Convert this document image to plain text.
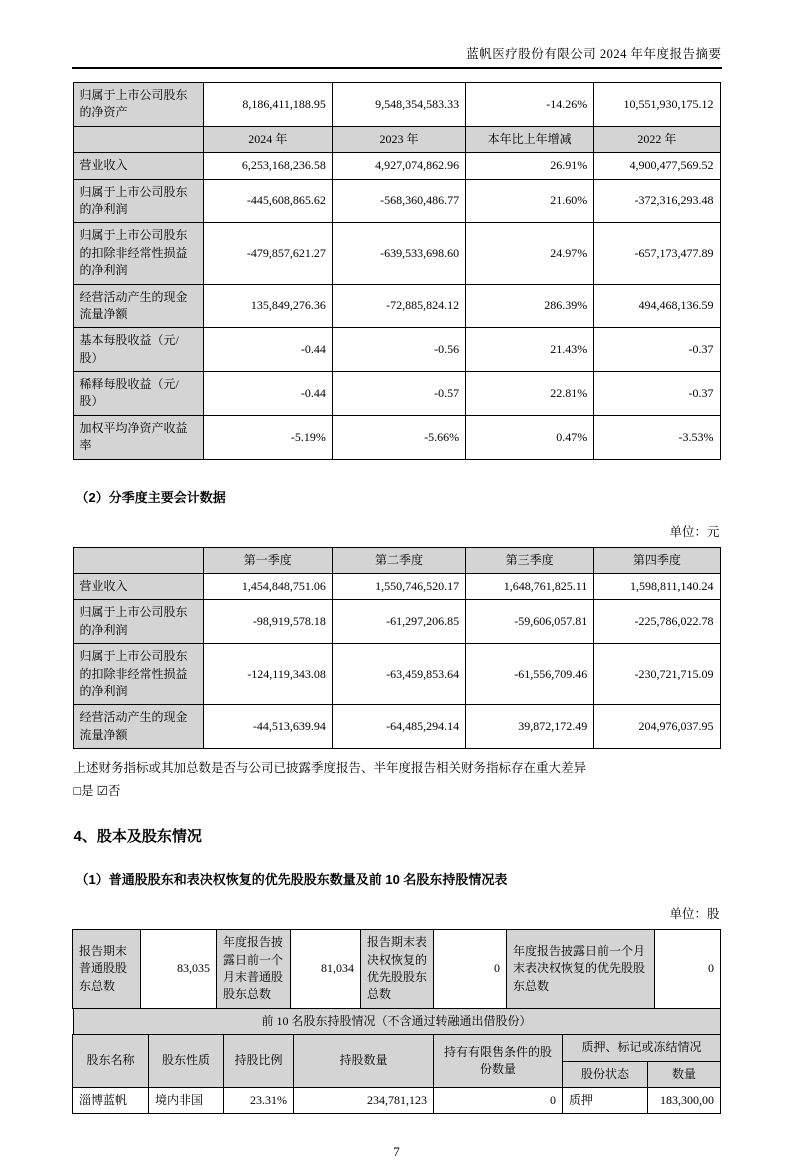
蓝帆医疗股份有限公司 2024 年年度报告摘要
归属于上市公司股东的净资产	8,186,411,188.95	9,548,354,583.33	-14.26%	10,551,930,175.12
	2024 年	2023 年	本年比上年增减	2022 年
营业收入	6,253,168,236.58	4,927,074,862.96	26.91%	4,900,477,569.52
归属于上市公司股东的净利润	-445,608,865.62	-568,360,486.77	21.60%	-372,316,293.48
归属于上市公司股东的扣除非经常性损益的净利润	-479,857,621.27	-639,533,698.60	24.97%	-657,173,477.89
经营活动产生的现金流量净额	135,849,276.36	-72,885,824.12	286.39%	494,468,136.59
基本每股收益（元/股）	-0.44	-0.56	21.43%	-0.37
稀释每股收益（元/股）	-0.44	-0.57	22.81%	-0.37
加权平均净资产收益率	-5.19%	-5.66%	0.47%	-3.53%
（2）分季度主要会计数据
单位：元
	第一季度	第二季度	第三季度	第四季度
营业收入	1,454,848,751.06	1,550,746,520.17	1,648,761,825.11	1,598,811,140.24
归属于上市公司股东的净利润	-98,919,578.18	-61,297,206.85	-59,606,057.81	-225,786,022.78
归属于上市公司股东的扣除非经常性损益的净利润	-124,119,343.08	-63,459,853.64	-61,556,709.46	-230,721,715.09
经营活动产生的现金流量净额	-44,513,639.94	-64,485,294.14	39,872,172.49	204,976,037.95
上述财务指标或其加总数是否与公司已披露季度报告、半年度报告相关财务指标存在重大差异
□是 ☑否
4、股本及股东情况
（1）普通股股东和表决权恢复的优先股股东数量及前 10 名股东持股情况表
单位：股
报告期末普通股股东总数	83,035	年度报告披露日前一个月末普通股股东总数	81,034	报告期末表决权恢复的优先股股东总数	0	年度报告披露日前一个月末表决权恢复的优先股股东总数	0
前 10 名股东持股情况（不含通过转融通出借股份）
股东名称	股东性质	持股比例	持股数量	持有有限售条件的股份数量	质押、标记或冻结情况	
					股份状态	数量
淄博蓝帆	境内非国	23.31%	234,781,123	0	质押	183,300,00
7
